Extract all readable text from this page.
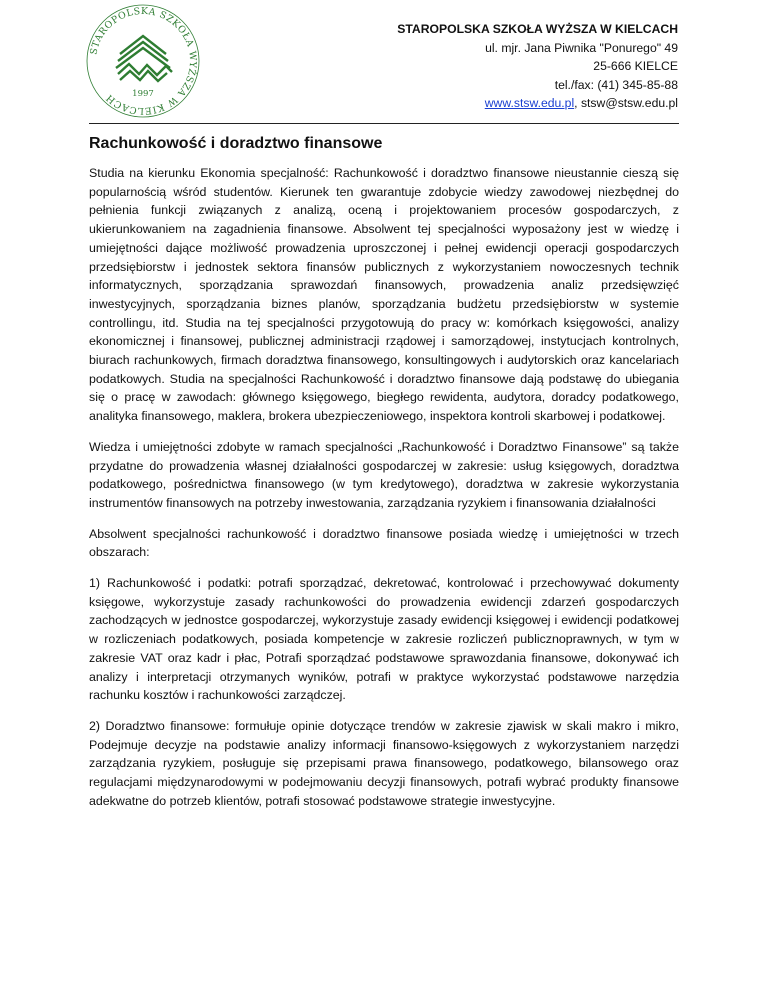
STAROPOLSKA SZKOŁA WYŻSZA W KIELCACH	1997
STAROPOLSKA SZKOŁA WYŻSZA W KIELCACH
ul. mjr. Jana Piwnika "Ponurego" 49
25-666 KIELCE
tel./fax: (41) 345-85-88
www.stsw.edu.pl, stsw@stsw.edu.pl
Rachunkowość i doradztwo finansowe

Studia na kierunku Ekonomia specjalność: Rachunkowość i doradztwo finansowe nieustannie cieszą się popularnością wśród studentów. Kierunek ten gwarantuje zdobycie wiedzy zawodowej niezbędnej do pełnienia funkcji związanych z analizą, oceną i projektowaniem procesów gospodarczych, z ukierunkowaniem na zagadnienia finansowe. Absolwent tej specjalności wyposażony jest w wiedzę i umiejętności dające możliwość prowadzenia uproszczonej i pełnej ewidencji operacji gospodarczych przedsiębiorstw i jednostek sektora finansów publicznych z wykorzystaniem nowoczesnych technik informatycznych, sporządzania sprawozdań finansowych, prowadzenia analiz przedsięwzięć inwestycyjnych, sporządzania biznes planów, sporządzania budżetu przedsiębiorstw w systemie controllingu, itd. Studia na tej specjalności przygotowują do pracy w: komórkach księgowości, analizy ekonomicznej i finansowej, publicznej administracji rządowej i samorządowej, instytucjach kontrolnych, biurach rachunkowych, firmach doradztwa finansowego, konsultingowych i audytorskich oraz kancelariach podatkowych. Studia na specjalności Rachunkowość i doradztwo finansowe dają podstawę do ubiegania się o pracę w zawodach: głównego księgowego, biegłego rewidenta, audytora, doradcy podatkowego, analityka finansowego, maklera, brokera ubezpieczeniowego, inspektora kontroli skarbowej i podatkowej.

Wiedza i umiejętności zdobyte w ramach specjalności „Rachunkowość i Doradztwo Finansowe” są także przydatne do prowadzenia własnej działalności gospodarczej w zakresie: usług księgowych, doradztwa podatkowego, pośrednictwa finansowego (w tym kredytowego), doradztwa w zakresie wykorzystania instrumentów finansowych na potrzeby inwestowania, zarządzania ryzykiem i finansowania działalności

Absolwent specjalności rachunkowość i doradztwo finansowe posiada wiedzę i umiejętności w trzech obszarach:

1) Rachunkowość i podatki: potrafi sporządzać, dekretować, kontrolować i przechowywać dokumenty księgowe, wykorzystuje zasady rachunkowości do prowadzenia ewidencji zdarzeń gospodarczych zachodzących w jednostce gospodarczej, wykorzystuje zasady ewidencji księgowej i ewidencji podatkowej w rozliczeniach podatkowych, posiada kompetencje w zakresie rozliczeń publicznoprawnych, w tym w zakresie VAT oraz kadr i płac, Potrafi sporządzać podstawowe sprawozdania finansowe, dokonywać ich analizy i interpretacji otrzymanych wyników, potrafi w praktyce wykorzystać podstawowe narzędzia rachunku kosztów i rachunkowości zarządczej.

2) Doradztwo finansowe: formułuje opinie dotyczące trendów w zakresie zjawisk w skali makro i mikro, Podejmuje decyzje na podstawie analizy informacji finansowo-księgowych z wykorzystaniem narzędzi zarządzania ryzykiem, posługuje się przepisami prawa finansowego, podatkowego, bilansowego oraz regulacjami międzynarodowymi w podejmowaniu decyzji finansowych, potrafi wybrać produkty finansowe adekwatne do potrzeb klientów, potrafi stosować podstawowe strategie inwestycyjne.
